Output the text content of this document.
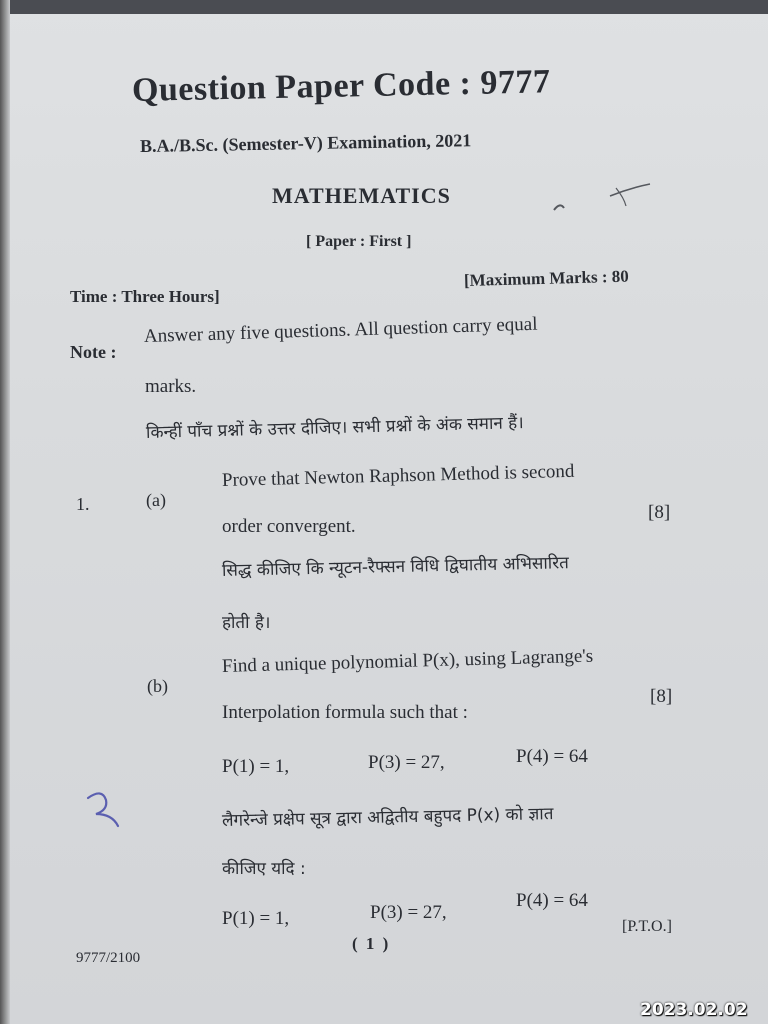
Question Paper Code : 9777
B.A./B.Sc. (Semester-V) Examination, 2021
MATHEMATICS
[ Paper : First ]
Time : Three Hours]
[Maximum Marks : 80
Note :
Answer any five questions. All question carry equal
marks.
किन्हीं पाँच प्रश्नों के उत्तर दीजिए। सभी प्रश्नों के अंक समान हैं।
1.	(a)
Prove that Newton Raphson Method is second
order convergent.
[8]
सिद्ध कीजिए कि न्यूटन-रैफ्सन विधि द्विघातीय अभिसारित
होती है।
(b)
Find a unique polynomial P(x), using Lagrange's
Interpolation formula such that :
[8]
P(1) = 1,	P(3) = 27,	P(4) = 64
लैगरेन्जे प्रक्षेप सूत्र द्वारा अद्वितीय बहुपद P(x) को ज्ञात
कीजिए यदि :
P(1) = 1,	P(3) = 27,
P(4) = 64
[P.T.O.]
( 1 )
9777/2100
2023.02.02
